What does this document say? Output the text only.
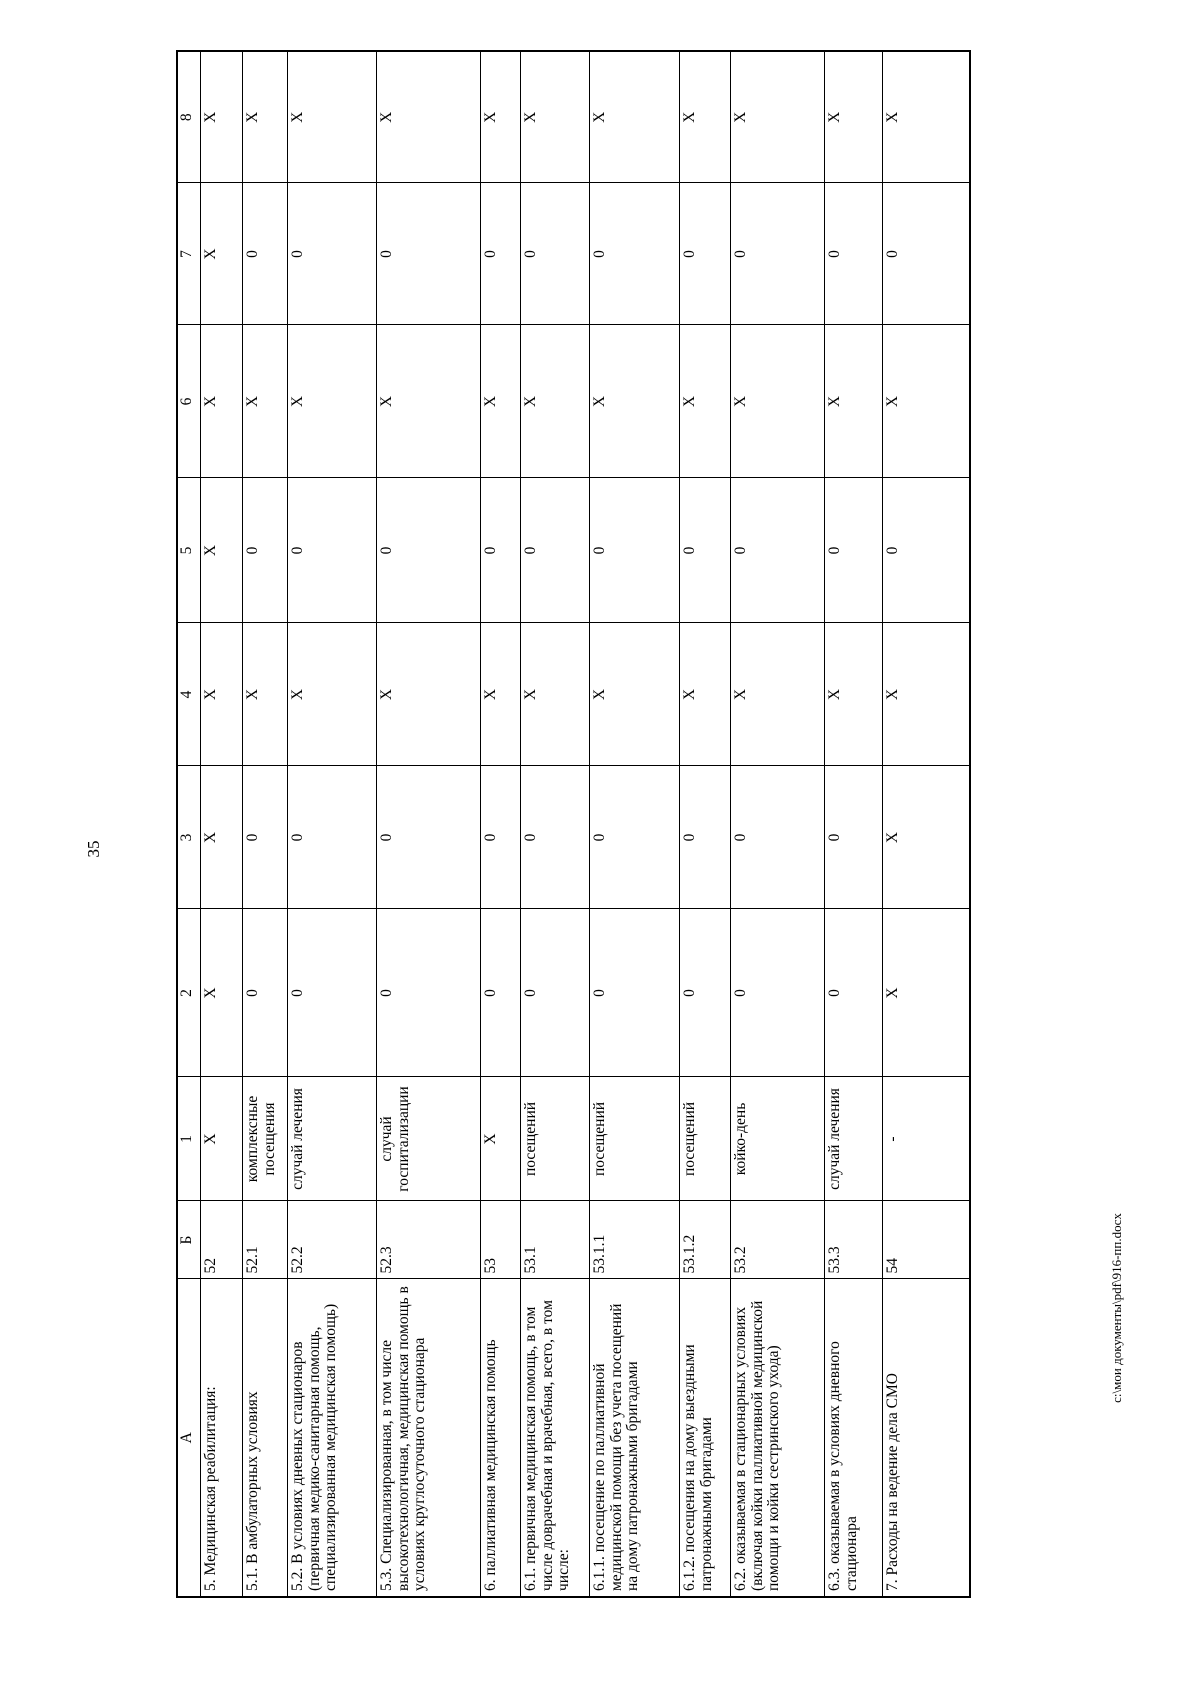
35
А	Б	1	2	3	4	5	6	7	8
5. Медицинская реабилитация:	52	Х	Х	Х	Х	Х	Х	Х	Х
5.1. В амбулаторных условиях	52.1	комплексные посещения	0	0	Х	0	Х	0	Х
5.2. В условиях дневных стационаров (первичная медико-санитарная помощь, специализированная медицинская помощь)	52.2	случай лечения	0	0	Х	0	Х	0	Х
5.3. Специализированная, в том числе высокотехнологичная, медицинская помощь в условиях круглосуточного стационара	52.3	случай госпитализации	0	0	Х	0	Х	0	Х
6. паллиативная медицинская помощь	53	Х	0	0	Х	0	Х	0	Х
6.1. первичная медицинская помощь, в том числе доврачебная и врачебная, всего, в том числе:	53.1	посещений	0	0	Х	0	Х	0	Х
6.1.1. посещение по паллиативной медицинской помощи без учета посещений на дому патронажными бригадами	53.1.1	посещений	0	0	Х	0	Х	0	Х
6.1.2. посещения на дому выездными патронажными бригадами	53.1.2	посещений	0	0	Х	0	Х	0	Х
6.2. оказываемая в стационарных условиях (включая койки паллиативной медицинской помощи и койки сестринского ухода)	53.2	койко-день	0	0	Х	0	Х	0	Х
6.3. оказываемая в условиях дневного стационара	53.3	случай лечения	0	0	Х	0	Х	0	Х
7. Расходы на ведение дела СМО	54	-	Х	Х	Х	0	Х	0	Х
c:\мои документы\pdf\916-пп.docx
